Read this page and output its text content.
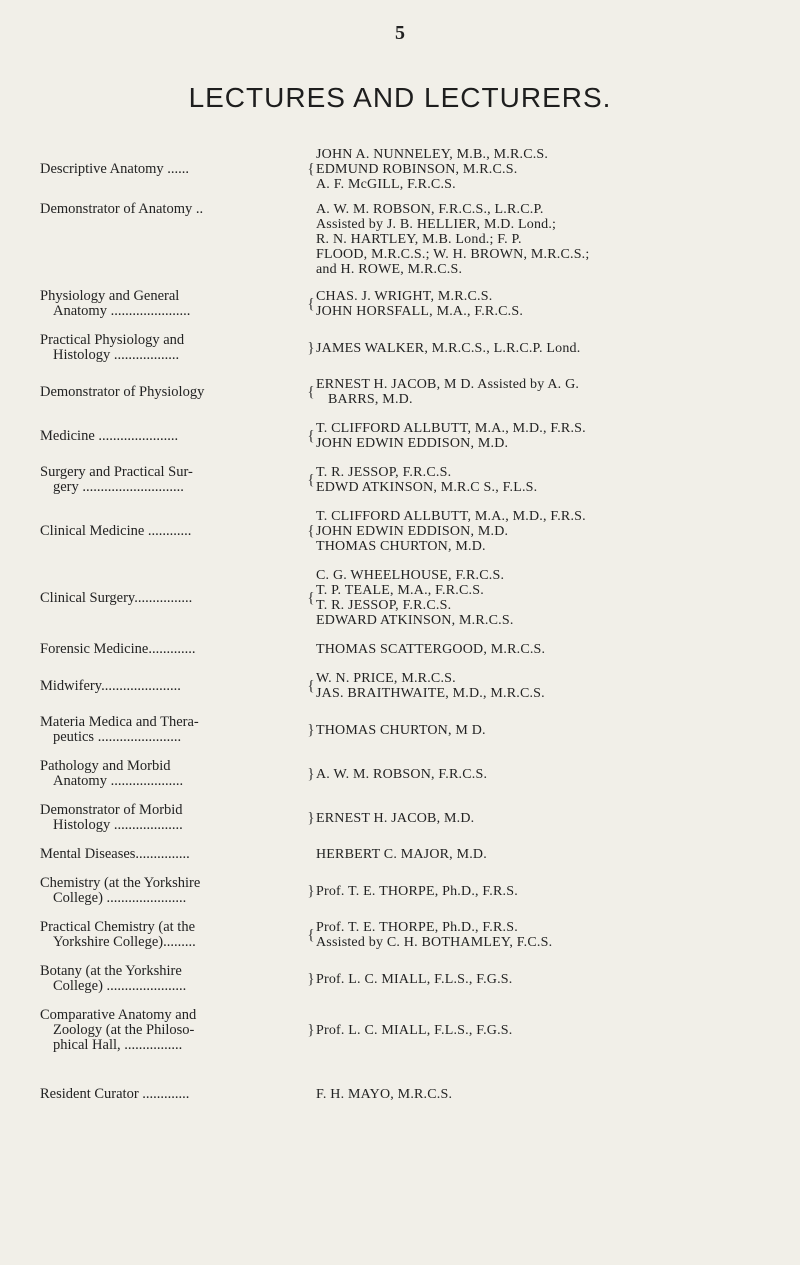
5
LECTURES AND LECTURERS.
Descriptive Anatomy ......	{
JOHN A. NUNNELEY, M.B., M.R.C.S.
EDMUND ROBINSON, M.R.C.S.
A. F. McGILL, F.R.C.S.
Demonstrator of Anatomy ..	A. W. M. ROBSON, F.R.C.S., L.R.C.P.
Assisted by J. B. HELLIER, M.D. Lond.;
R. N. HARTLEY, M.B. Lond.; F. P.
FLOOD, M.R.C.S.; W. H. BROWN, M.R.C.S.;
and H. ROWE, M.R.C.S.
Physiology and General
Anatomy ......................	{ CHAS. J. WRIGHT, M.R.C.S.
JOHN HORSFALL, M.A., F.R.C.S.
Practical Physiology and
Histology ..................	} JAMES WALKER, M.R.C.S., L.R.C.P. Lond.
Demonstrator of Physiology	{ ERNEST H. JACOB, M D. Assisted by A. G.
BARRS, M.D.
Medicine ......................	{ T. CLIFFORD ALLBUTT, M.A., M.D., F.R.S.
JOHN EDWIN EDDISON, M.D.
Surgery and Practical Sur-
gery ............................	{ T. R. JESSOP, F.R.C.S.
EDWD ATKINSON, M.R.C S., F.L.S.
Clinical Medicine ............	{
T. CLIFFORD ALLBUTT, M.A., M.D., F.R.S.
JOHN EDWIN EDDISON, M.D.
THOMAS CHURTON, M.D.
Clinical Surgery................	{
C. G. WHEELHOUSE, F.R.C.S.
T. P. TEALE, M.A., F.R.C.S.
T. R. JESSOP, F.R.C.S.
EDWARD ATKINSON, M.R.C.S.
Forensic Medicine.............	THOMAS SCATTERGOOD, M.R.C.S.
Midwifery......................	{ W. N. PRICE, M.R.C.S.
JAS. BRAITHWAITE, M.D., M.R.C.S.
Materia Medica and Thera-
peutics .......................	} THOMAS CHURTON, M D.
Pathology and Morbid
Anatomy ....................	} A. W. M. ROBSON, F.R.C.S.
Demonstrator of Morbid
Histology ...................	} ERNEST H. JACOB, M.D.
Mental Diseases...............	HERBERT C. MAJOR, M.D.
Chemistry (at the Yorkshire
College) ......................	} Prof. T. E. THORPE, Ph.D., F.R.S.
Practical Chemistry (at the
Yorkshire College).........	{ Prof. T. E. THORPE, Ph.D., F.R.S.
Assisted by C. H. BOTHAMLEY, F.C.S.
Botany (at the Yorkshire
College) ......................	} Prof. L. C. MIALL, F.L.S., F.G.S.
Comparative Anatomy and
Zoology (at the Philoso-
phical Hall, ................
} Prof. L. C. MIALL, F.L.S., F.G.S.
Resident Curator .............	F. H. MAYO, M.R.C.S.
